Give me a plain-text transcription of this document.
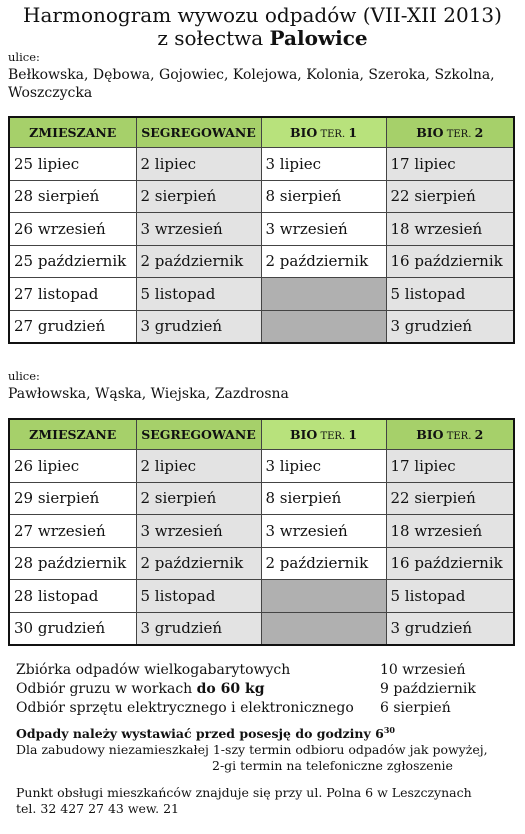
Harmonogram wywozu odpadów (VII-XII 2013)
z sołectwa Palowice
ulice:
Bełkowska, Dębowa, Gojowiec, Kolejowa, Kolonia, Szeroka, Szkolna, Woszczycka
ZMIESZANE	SEGREGOWANE	BIO TER. 1	BIO TER. 2
25 lipiec	2 lipiec	3 lipiec	17 lipiec
28 sierpień	2 sierpień	8 sierpień	22 sierpień
26 wrzesień	3 wrzesień	3 wrzesień	18 wrzesień
25 październik	2 październik	2 październik	16 październik
27 listopad	5 listopad		5 listopad
27 grudzień	3 grudzień		3 grudzień
ulice:
Pawłowska, Wąska, Wiejska, Zazdrosna
ZMIESZANE	SEGREGOWANE	BIO TER. 1	BIO TER. 2
26 lipiec	2 lipiec	3 lipiec	17 lipiec
29 sierpień	2 sierpień	8 sierpień	22 sierpień
27 wrzesień	3 wrzesień	3 wrzesień	18 wrzesień
28 październik	2 październik	2 październik	16 październik
28 listopad	5 listopad		5 listopad
30 grudzień	3 grudzień		3 grudzień
Zbiórka odpadów wielkogabarytowych	10 wrzesień
Odbiór gruzu w workach do 60 kg	9 październik
Odbiór sprzętu elektrycznego i elektronicznego 6 sierpień
Odpady należy wystawiać przed posesję do godziny $6^{30}$
Dla zabudowy niezamieszkałej 1-szy termin odbioru odpadów jak powyżej,
2-gi termin na telefoniczne zgłoszenie
Punkt obsługi mieszkańców znajduje się przy ul. Polna 6 w Leszczynach
tel. 32 427 27 43 wew. 21
